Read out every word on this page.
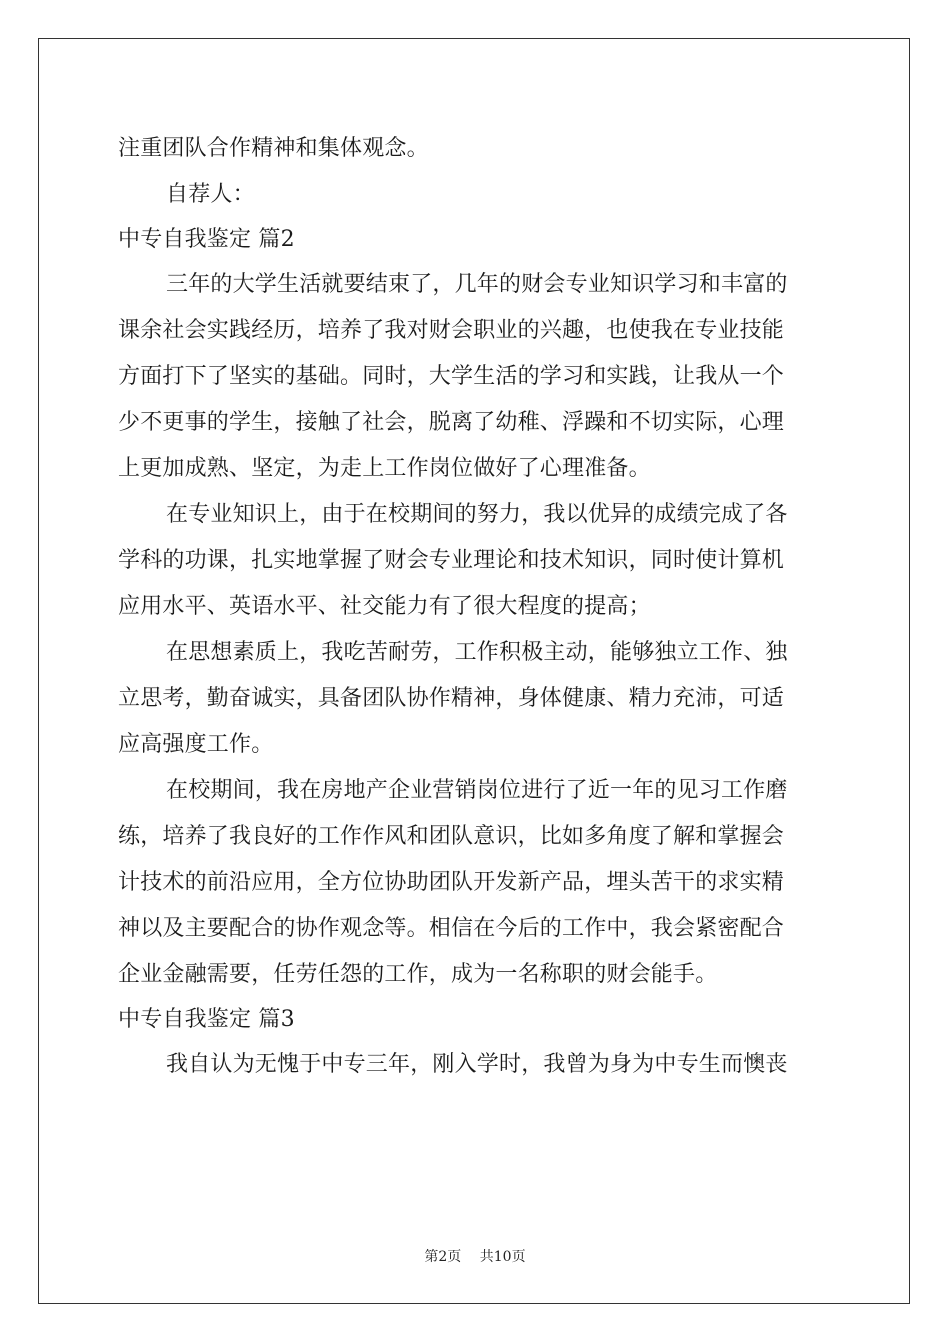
注重团队合作精神和集体观念。
自荐人：
中专自我鉴定 篇2
三年的大学生活就要结束了，几年的财会专业知识学习和丰富的
课余社会实践经历，培养了我对财会职业的兴趣，也使我在专业技能
方面打下了坚实的基础。同时，大学生活的学习和实践，让我从一个
少不更事的学生，接触了社会，脱离了幼稚、浮躁和不切实际，心理
上更加成熟、坚定，为走上工作岗位做好了心理准备。
在专业知识上，由于在校期间的努力，我以优异的成绩完成了各
学科的功课，扎实地掌握了财会专业理论和技术知识，同时使计算机
应用水平、英语水平、社交能力有了很大程度的提高；
在思想素质上，我吃苦耐劳，工作积极主动，能够独立工作、独
立思考，勤奋诚实，具备团队协作精神，身体健康、精力充沛，可适
应高强度工作。
在校期间，我在房地产企业营销岗位进行了近一年的见习工作磨
练，培养了我良好的工作作风和团队意识，比如多角度了解和掌握会
计技术的前沿应用，全方位协助团队开发新产品，埋头苦干的求实精
神以及主要配合的协作观念等。相信在今后的工作中，我会紧密配合
企业金融需要，任劳任怨的工作，成为一名称职的财会能手。
中专自我鉴定 篇3
我自认为无愧于中专三年，刚入学时，我曾为身为中专生而懊丧
第2页 共10页
